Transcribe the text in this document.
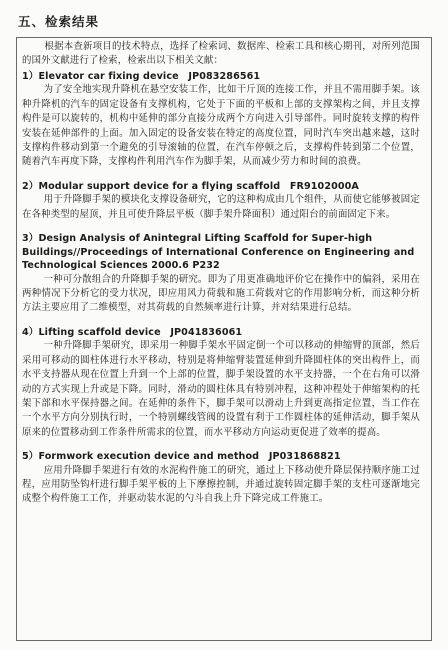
五、检索结果

根据本查新项目的技术特点，选择了检索词、数据库、检索工具和核心期刊，对所列范围的国外文献进行了检索，检索出以下相关文献：

1）Elevator car fixing device　JP083286561

为了安全地实现升降机在悬空安装工作，比如干斤顶的连接工作，并且不需用脚手架。该种升降机的汽车的固定设备有支撑机构，它处于下面的平板和上部的支撑架构之间，并且支撑构件是可以旋转的，机构中延伸的部分直接分成两个方向进入引导部件。同时旋转支撑的构件安装在延伸部件的上面。加入固定的设备安装在特定的高度位置，同时汽车突出越来越，这时支撑构件移动到第一个避免的引导滚轴的位置，在汽车停顿之后，支撑构件转到第二个位置，随着汽车再度下降，支撑构件利用汽车作为脚手架，从而减少劳力和时间的浪费。

2）Modular support device for a flying scaffold　FR9102000A

用于升降脚手架的模块化支撑设备研究，它的这种构成由几个组件，从而使它能够被固定在各种类型的屋顶，并且可使升降层平板（脚手架升降面积）通过阳台的前面固定下来。

3）Design Analysis of Anintegral Lifting Scaffold for Super-high Buildings//Proceedings of International Conference on Engineering and Technological Sciences 2000.6 P232

一种可分散组合的升降脚手架的研究。即为了用更准确地评价它在操作中的偏斜，采用在两种情况下分析它的受力状况，即应用风力荷载和施工荷载对它的作用影响分析，而这种分析方法主要应用了二维模型，对其荷载的自然频率进行计算，并对结果进行总结。

4）Lifting scaffold device　JP041836061

一种升降脚手架研究，即采用一种脚手架水平固定倒一个可以移动的伸缩臂的顶部，然后采用可移动的圆柱体进行水平移动，特别是将伸缩臂装置延伸到升降圆柱体的突出构件上，而水平支持器从现在位置上升到一个上部的位置，脚手架设置的水平支持器，一个在右角可以滑动的方式实现上升或是下降。同时，滑动的圆柱体具有特别冲程，这种冲程处于伸缩架构的托架下部和水平保持器之间。在延伸的条件下，脚手架可以滑动上升到更高指定位置，当工作在一个水平方向分别执行时，一个特别螺线管阀的设置有利于工作圆柱体的延伸活动，脚手架从原来的位置移动到工作条件所需求的位置，而水平移动方向运动更促进了效率的提高。

5）Formwork execution device and method　JP031868821

应用升降脚手架进行有效的水泥构件施工的研究，通过上下移动使升降层保持顺序施工过程，应用防坠钩杆进行脚手架平板的上下摩擦控制，并通过旋转固定脚手架的支柱可逐渐地完成整个构件施工工作，并驱动装水泥的勺斗自我上升下降完成工件施工。
